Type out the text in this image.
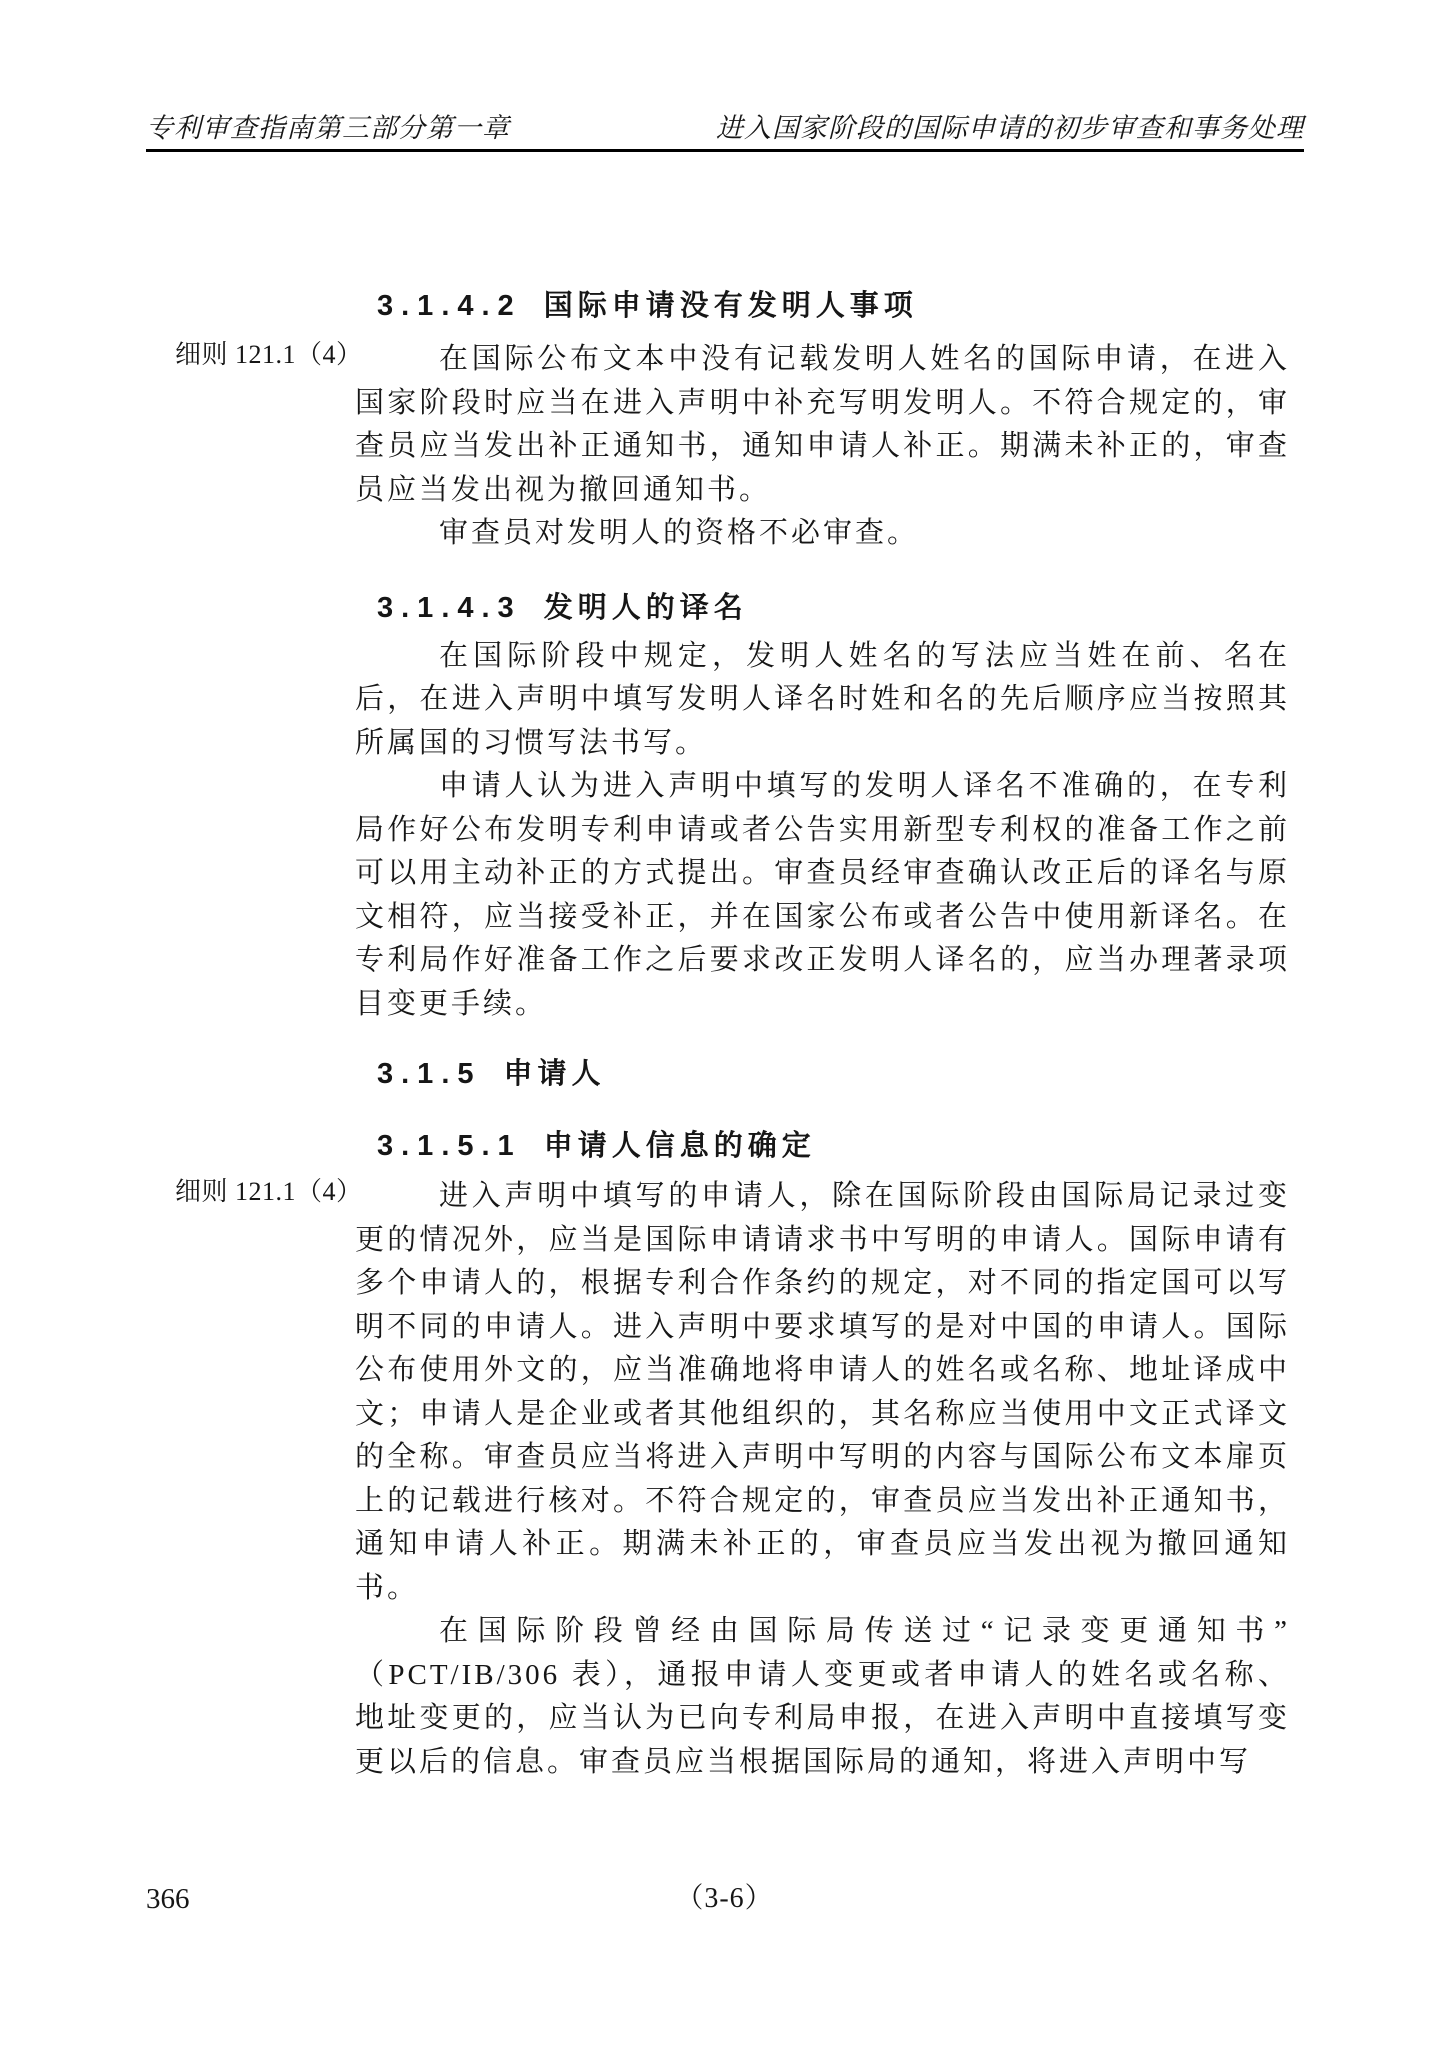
专利审查指南第三部分第一章	进入国家阶段的国际申请的初步审查和事务处理
细则 121.1（4）
细则 121.1（4）
3.1.4.2 国际申请没有发明人事项

在国际公布文本中没有记载发明人姓名的国际申请，在进入国家阶段时应当在进入声明中补充写明发明人。不符合规定的，审查员应当发出补正通知书，通知申请人补正。期满未补正的，审查员应当发出视为撤回通知书。

审查员对发明人的资格不必审查。

3.1.4.3 发明人的译名

在国际阶段中规定，发明人姓名的写法应当姓在前、名在后，在进入声明中填写发明人译名时姓和名的先后顺序应当按照其所属国的习惯写法书写。

申请人认为进入声明中填写的发明人译名不准确的，在专利局作好公布发明专利申请或者公告实用新型专利权的准备工作之前可以用主动补正的方式提出。审查员经审查确认改正后的译名与原文相符，应当接受补正，并在国家公布或者公告中使用新译名。在专利局作好准备工作之后要求改正发明人译名的，应当办理著录项目变更手续。

3.1.5 申请人
3.1.5.1 申请人信息的确定

进入声明中填写的申请人，除在国际阶段由国际局记录过变更的情况外，应当是国际申请请求书中写明的申请人。国际申请有多个申请人的，根据专利合作条约的规定，对不同的指定国可以写明不同的申请人。进入声明中要求填写的是对中国的申请人。国际公布使用外文的，应当准确地将申请人的姓名或名称、地址译成中文；申请人是企业或者其他组织的，其名称应当使用中文正式译文的全称。审查员应当将进入声明中写明的内容与国际公布文本扉页上的记载进行核对。不符合规定的，审查员应当发出补正通知书，通知申请人补正。期满未补正的，审查员应当发出视为撤回通知书。

在国际阶段曾经由国际局传送过“记录变更通知书”

（PCT/IB/306 表），通报申请人变更或者申请人的姓名或名称、地址变更的，应当认为已向专利局申报，在进入声明中直接填写变更以后的信息。审查员应当根据国际局的通知，将进入声明中写

366	（3-6）
